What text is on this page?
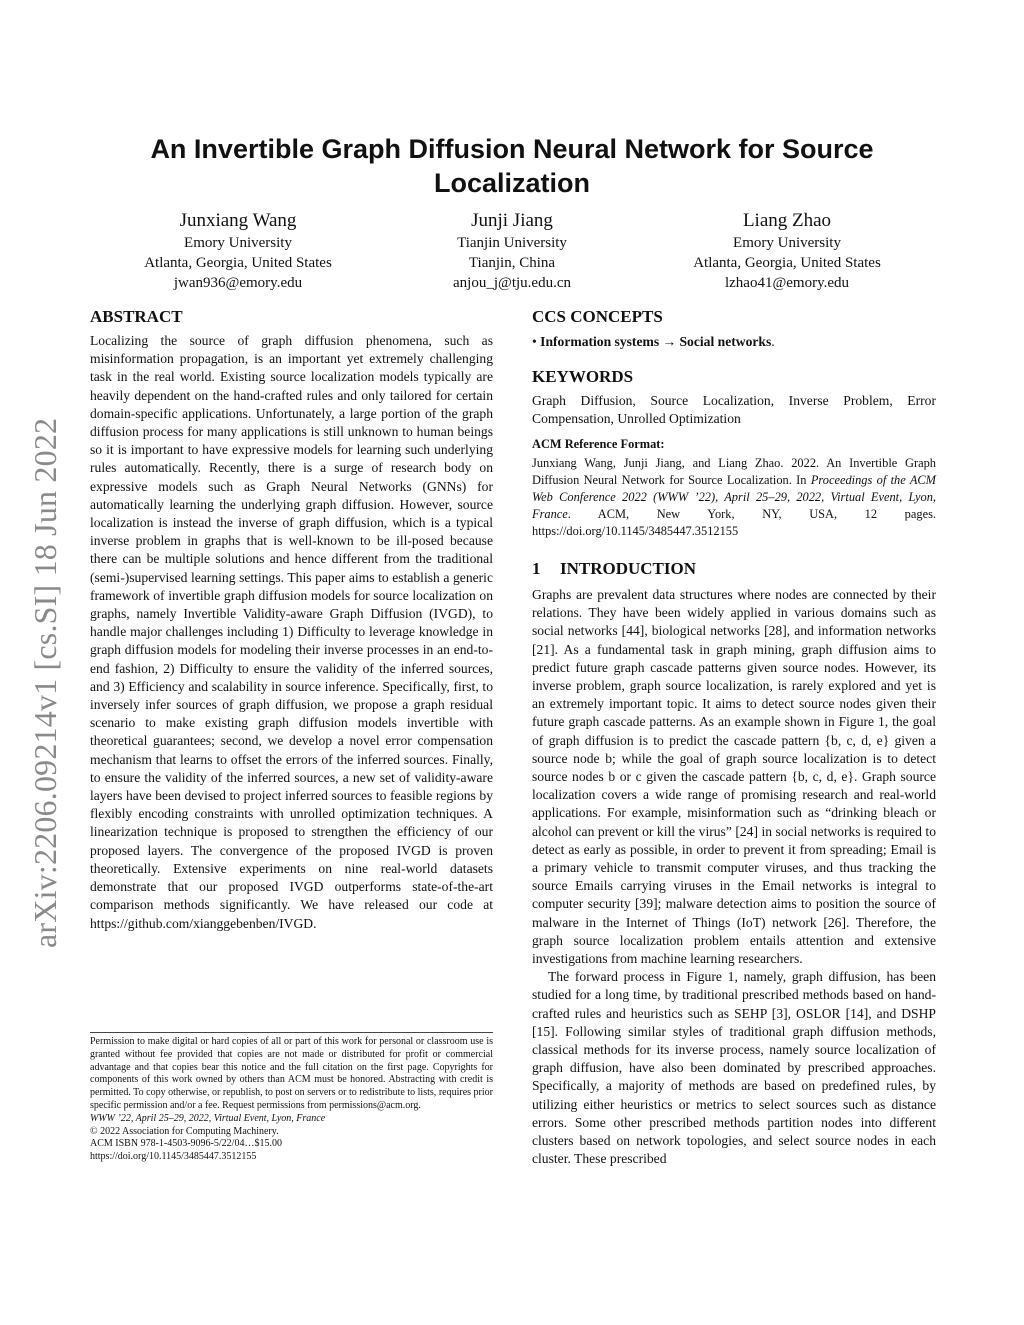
arXiv:2206.09214v1 [cs.SI] 18 Jun 2022
An Invertible Graph Diffusion Neural Network for Source Localization
Junxiang Wang
Emory University
Atlanta, Georgia, United States
jwan936@emory.edu
Junji Jiang
Tianjin University
Tianjin, China
anjou_j@tju.edu.cn
Liang Zhao
Emory University
Atlanta, Georgia, United States
lzhao41@emory.edu
ABSTRACT

Localizing the source of graph diffusion phenomena, such as misinformation propagation, is an important yet extremely challenging task in the real world. Existing source localization models typically are heavily dependent on the hand-crafted rules and only tailored for certain domain-specific applications. Unfortunately, a large portion of the graph diffusion process for many applications is still unknown to human beings so it is important to have expressive models for learning such underlying rules automatically. Recently, there is a surge of research body on expressive models such as Graph Neural Networks (GNNs) for automatically learning the underlying graph diffusion. However, source localization is instead the inverse of graph diffusion, which is a typical inverse problem in graphs that is well-known to be ill-posed because there can be multiple solutions and hence different from the traditional (semi-)supervised learning settings. This paper aims to establish a generic framework of invertible graph diffusion models for source localization on graphs, namely Invertible Validity-aware Graph Diffusion (IVGD), to handle major challenges including 1) Difficulty to leverage knowledge in graph diffusion models for modeling their inverse processes in an end-to-end fashion, 2) Difficulty to ensure the validity of the inferred sources, and 3) Efficiency and scalability in source inference. Specifically, first, to inversely infer sources of graph diffusion, we propose a graph residual scenario to make existing graph diffusion models invertible with theoretical guarantees; second, we develop a novel error compensation mechanism that learns to offset the errors of the inferred sources. Finally, to ensure the validity of the inferred sources, a new set of validity-aware layers have been devised to project inferred sources to feasible regions by flexibly encoding constraints with unrolled optimization techniques. A linearization technique is proposed to strengthen the efficiency of our proposed layers. The convergence of the proposed IVGD is proven theoretically. Extensive experiments on nine real-world datasets demonstrate that our proposed IVGD outperforms state-of-the-art comparison methods significantly. We have released our code at https://github.com/xianggebenben/IVGD.

Permission to make digital or hard copies of all or part of this work for personal or classroom use is granted without fee provided that copies are not made or distributed for profit or commercial advantage and that copies bear this notice and the full citation on the first page. Copyrights for components of this work owned by others than ACM must be honored. Abstracting with credit is permitted. To copy otherwise, or republish, to post on servers or to redistribute to lists, requires prior specific permission and/or a fee. Request permissions from permissions@acm.org.

WWW ’22, April 25–29, 2022, Virtual Event, Lyon, France

© 2022 Association for Computing Machinery.

ACM ISBN 978-1-4503-9096-5/22/04…$15.00

https://doi.org/10.1145/3485447.3512155

CCS CONCEPTS

• Information systems → Social networks.

KEYWORDS

Graph Diffusion, Source Localization, Inverse Problem, Error Compensation, Unrolled Optimization

ACM Reference Format:

Junxiang Wang, Junji Jiang, and Liang Zhao. 2022. An Invertible Graph Diffusion Neural Network for Source Localization. In Proceedings of the ACM Web Conference 2022 (WWW ’22), April 25–29, 2022, Virtual Event, Lyon, France. ACM, New York, NY, USA, 12 pages. https://doi.org/10.1145/3485447.3512155

1 INTRODUCTION

Graphs are prevalent data structures where nodes are connected by their relations. They have been widely applied in various domains such as social networks [44], biological networks [28], and information networks [21]. As a fundamental task in graph mining, graph diffusion aims to predict future graph cascade patterns given source nodes. However, its inverse problem, graph source localization, is rarely explored and yet is an extremely important topic. It aims to detect source nodes given their future graph cascade patterns. As an example shown in Figure 1, the goal of graph diffusion is to predict the cascade pattern {b, c, d, e} given a source node b; while the goal of graph source localization is to detect source nodes b or c given the cascade pattern {b, c, d, e}. Graph source localization covers a wide range of promising research and real-world applications. For example, misinformation such as “drinking bleach or alcohol can prevent or kill the virus” [24] in social networks is required to detect as early as possible, in order to prevent it from spreading; Email is a primary vehicle to transmit computer viruses, and thus tracking the source Emails carrying viruses in the Email networks is integral to computer security [39]; malware detection aims to position the source of malware in the Internet of Things (IoT) network [26]. Therefore, the graph source localization problem entails attention and extensive investigations from machine learning researchers.

The forward process in Figure 1, namely, graph diffusion, has been studied for a long time, by traditional prescribed methods based on hand-crafted rules and heuristics such as SEHP [3], OSLOR [14], and DSHP [15]. Following similar styles of traditional graph diffusion methods, classical methods for its inverse process, namely source localization of graph diffusion, have also been dominated by prescribed approaches. Specifically, a majority of methods are based on predefined rules, by utilizing either heuristics or metrics to select sources such as distance errors. Some other prescribed methods partition nodes into different clusters based on network topologies, and select source nodes in each cluster. These prescribed
